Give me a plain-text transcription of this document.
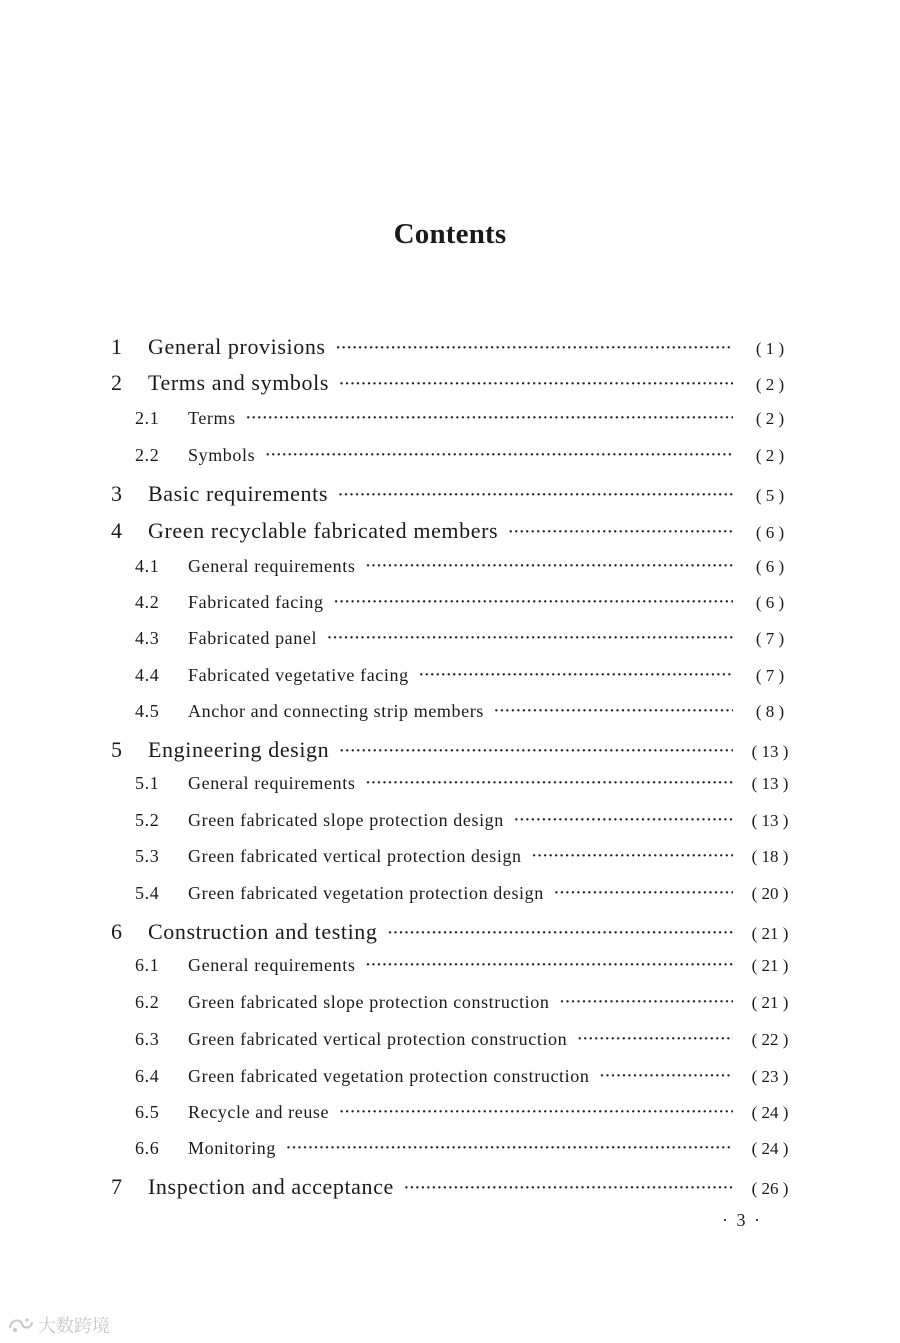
Contents
1	General provisions ·····	( 1 )
2	Terms and symbols ·····	( 2 )
2.1	Terms ·····	( 2 )
2.2	Symbols ·····	( 2 )
3	Basic requirements ·····	( 5 )
4	Green recyclable fabricated members ·····	( 6 )
4.1	General requirements ·····	( 6 )
4.2	Fabricated facing ·····	( 6 )
4.3	Fabricated panel ·····	( 7 )
4.4	Fabricated vegetative facing ·····	( 7 )
4.5	Anchor and connecting strip members ·····	( 8 )
5	Engineering design ·····	( 13 )
5.1	General requirements ·····	( 13 )
5.2	Green fabricated slope protection design ·····	( 13 )
5.3	Green fabricated vertical protection design ·····	( 18 )
5.4	Green fabricated vegetation protection design ·····	( 20 )
6	Construction and testing ·····	( 21 )
6.1	General requirements ·····	( 21 )
6.2	Green fabricated slope protection construction ·····	( 21 )
6.3	Green fabricated vertical protection construction ·····	( 22 )
6.4	Green fabricated vegetation protection construction ·····	( 23 )
6.5	Recycle and reuse ·····	( 24 )
6.6	Monitoring ·····	( 24 )
7	Inspection and acceptance ·····	( 26 )
· 3 ·
大数跨境
